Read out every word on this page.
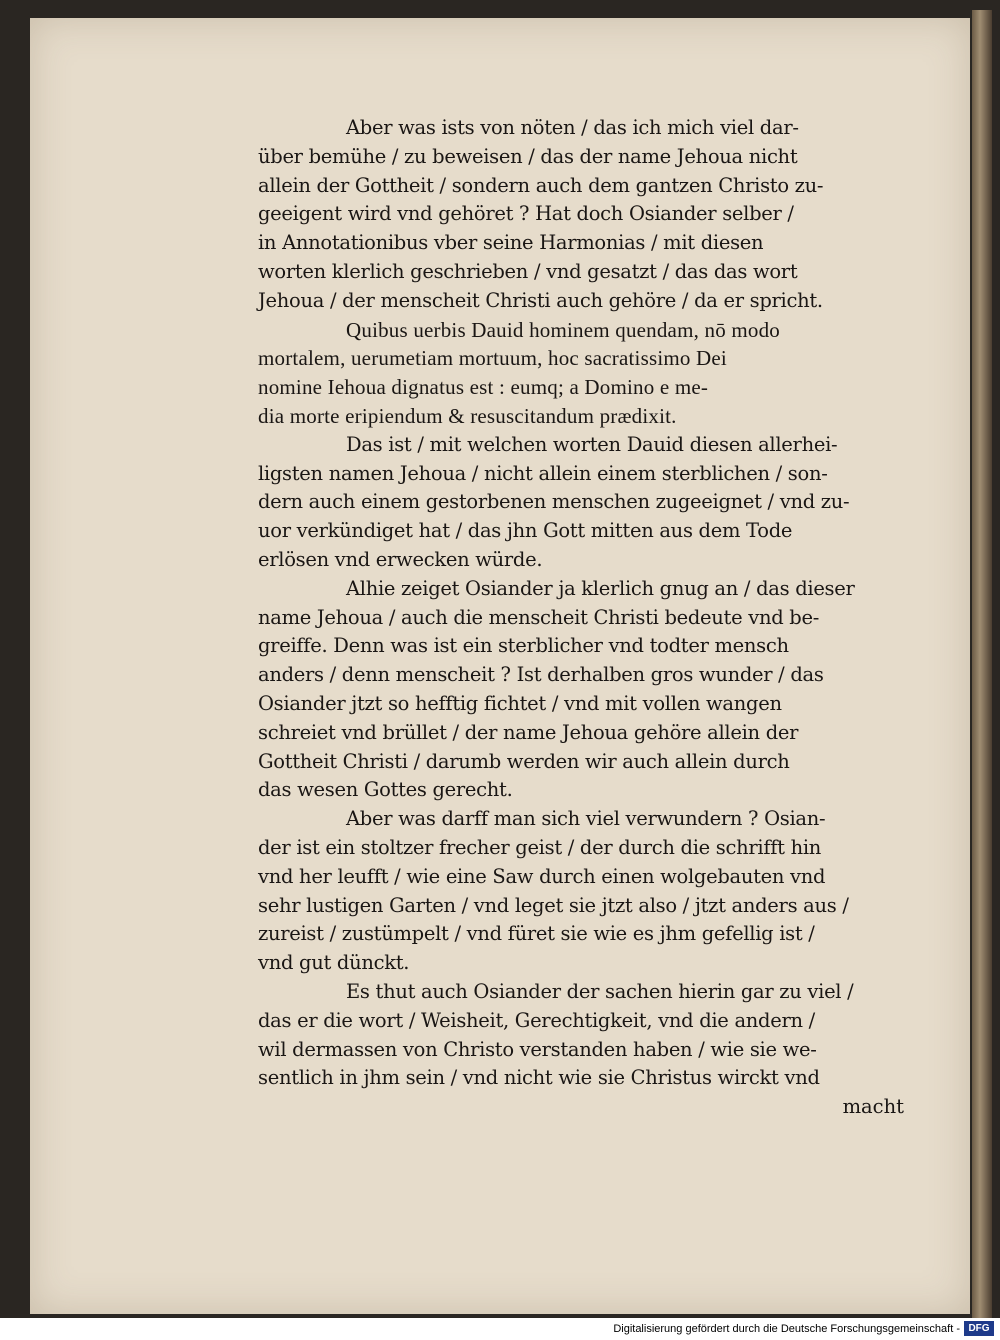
Aber was ists von nöten / das ich mich viel dar-
über bemühe / zu beweisen / das der name Jehoua nicht
allein der Gottheit / sondern auch dem gantzen Christo zu-
geeigent wird vnd gehöret ? Hat doch Osiander selber /
in Annotationibus vber seine Harmonias / mit diesen
worten klerlich geschrieben / vnd gesatzt / das das wort
Jehoua / der menscheit Christi auch gehöre / da er spricht.
Quibus uerbis Dauid hominem quendam, nō modo
mortalem, uerumetiam mortuum, hoc sacratissimo Dei
nomine Iehoua dignatus est : eumq; a Domino e me-
dia morte eripiendum & resuscitandum prædixit.
Das ist / mit welchen worten Dauid diesen allerhei-
ligsten namen Jehoua / nicht allein einem sterblichen / son-
dern auch einem gestorbenen menschen zugeeignet / vnd zu-
uor verkündiget hat / das jhn Gott mitten aus dem Tode
erlösen vnd erwecken würde.
Alhie zeiget Osiander ja klerlich gnug an / das dieser
name Jehoua / auch die menscheit Christi bedeute vnd be-
greiffe. Denn was ist ein sterblicher vnd todter mensch
anders / denn menscheit ? Ist derhalben gros wunder / das
Osiander jtzt so hefftig fichtet / vnd mit vollen wangen
schreiet vnd brüllet / der name Jehoua gehöre allein der
Gottheit Christi / darumb werden wir auch allein durch
das wesen Gottes gerecht.
Aber was darff man sich viel verwundern ? Osian-
der ist ein stoltzer frecher geist / der durch die schrifft hin
vnd her leufft / wie eine Saw durch einen wolgebauten vnd
sehr lustigen Garten / vnd leget sie jtzt also / jtzt anders aus /
zureist / zustümpelt / vnd füret sie wie es jhm gefellig ist /
vnd gut dünckt.
Es thut auch Osiander der sachen hierin gar zu viel /
das er die wort / Weisheit, Gerechtigkeit, vnd die andern /
wil dermassen von Christo verstanden haben / wie sie we-
sentlich in jhm sein / vnd nicht wie sie Christus wirckt vnd
macht
Digitalisierung gefördert durch die Deutsche Forschungsgemeinschaft - DFG
